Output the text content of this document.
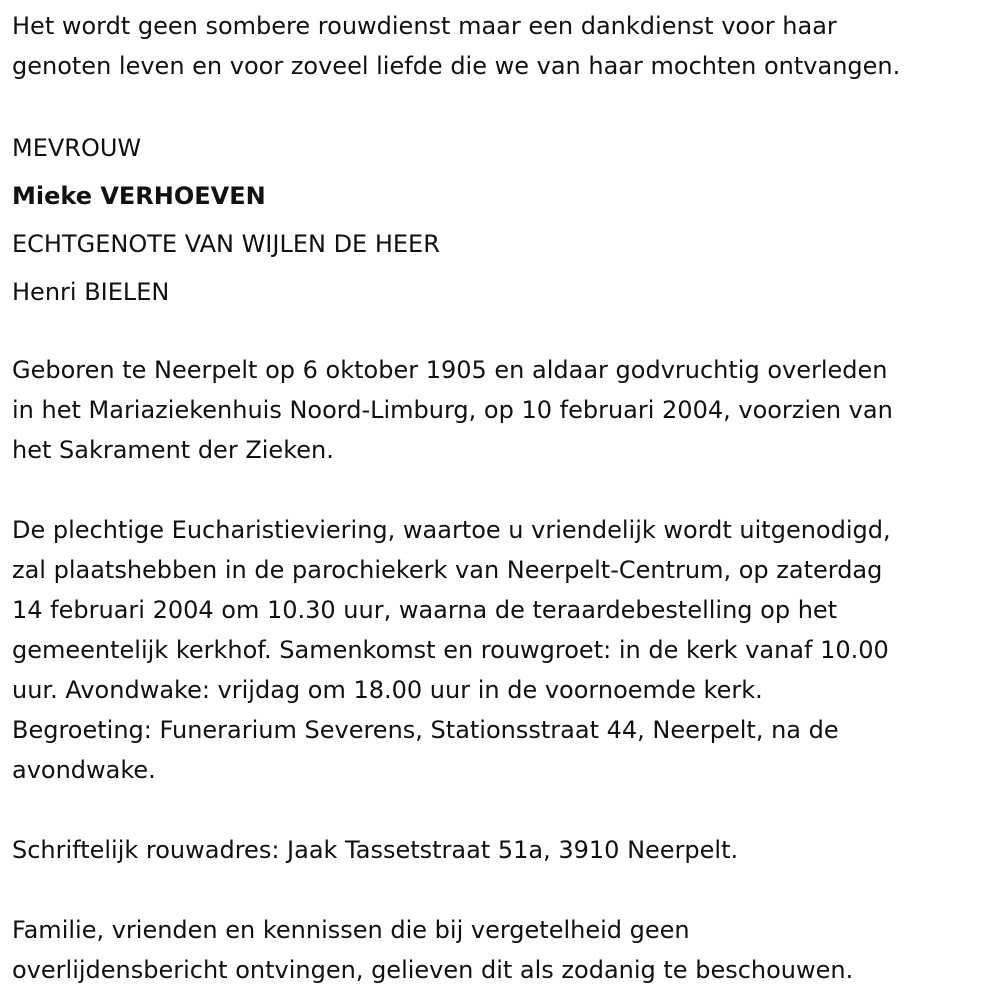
Het wordt geen sombere rouwdienst maar een dankdienst voor haar
genoten leven en voor zoveel liefde die we van haar mochten ontvangen.
MEVROUW
Mieke VERHOEVEN
ECHTGENOTE VAN WIJLEN DE HEER
Henri BIELEN
Geboren te Neerpelt op 6 oktober 1905 en aldaar godvruchtig overleden
in het Mariaziekenhuis Noord-Limburg, op 10 februari 2004, voorzien van
het Sakrament der Zieken.
De plechtige Eucharistieviering, waartoe u vriendelijk wordt uitgenodigd,
zal plaatshebben in de parochiekerk van Neerpelt-Centrum, op zaterdag
14 februari 2004 om 10.30 uur, waarna de teraardebestelling op het
gemeentelijk kerkhof. Samenkomst en rouwgroet: in de kerk vanaf 10.00
uur. Avondwake: vrijdag om 18.00 uur in de voornoemde kerk.
Begroeting: Funerarium Severens, Stationsstraat 44, Neerpelt, na de
avondwake.
Schriftelijk rouwadres: Jaak Tassetstraat 51a, 3910 Neerpelt.
Familie, vrienden en kennissen die bij vergetelheid geen
overlijdensbericht ontvingen, gelieven dit als zodanig te beschouwen.
